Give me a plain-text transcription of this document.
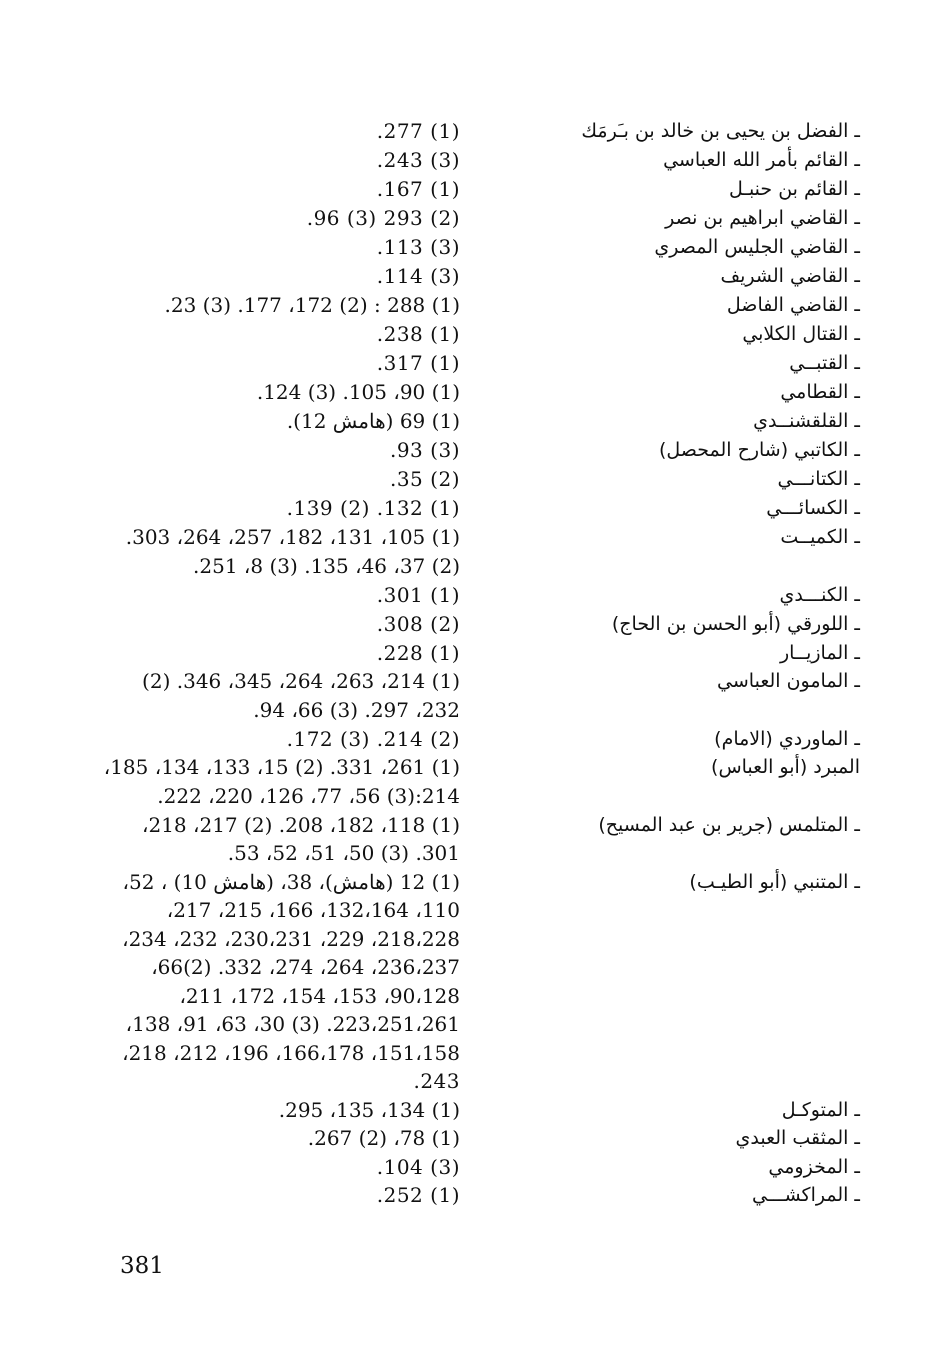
ـ الفضل بن يحيى بن خالد بن بـَرمَك
(1) 277.
ـ القائم بأمر الله العباسي
(3) 243.
ـ القائم بن حنبـل
(1) 167.
ـ القاضي ابراهيم بن نصر
(2) 293 (3) 96.
ـ القاضي الجليس المصري
(3) 113.
ـ القاضي الشريف
(3) 114.
ـ القاضي الفاضل
(1) 288 : (2) 172، 177. (3) 23.
ـ القتال الكلابي
(1) 238.
ـ القتبــي
(1) 317.
ـ القطامي
(1) 90، 105. (3) 124.
ـ القلقشنــدي
(1) 69 (هامش 12).
ـ الكاتبي (شارح المحصل)
(3) 93.
ـ الكتانـــي
(2) 35.
ـ الكسائـــي
(1) 132. (2) 139.
ـ الكميــت
(1) 105، 131، 182، 257، 264، 303.
(2) 37، 46، 135. (3) 8، 251.
ـ الكنـــدي
(1) 301.
ـ اللورقي (أبو الحسن بن الحاج)
(2) 308.
ـ المازيــار
(1) 228.
ـ المامون العباسي
(1) 214، 263، 264، 345، 346. (2)
232، 297. (3) 66، 94.
ـ الماوردي (الامام)
(2) 214. (3) 172.
المبرد (أبو العباس)
(1) 261، 331. (2) 15، 133، 134، 185،
214:(3) 56، 77، 126، 220، 222.
ـ المتلمس (جرير بن عبد المسيح)
(1) 118، 182، 208. (2) 217، 218،
301. (3) 50، 51، 52، 53.
ـ المتنبي (أبو الطيـب)
(1) 12 (هامش)، 38، (هامش 10) ، 52،
110، 132،164، 166، 215، 217،
218،228، 229، 230،231، 232، 234،
236،237، 264، 274، 332. (2)66،
90،128، 153، 154، 172، 211،
223،251،261. (3) 30، 63، 91، 138،
151،158، 166،178، 196، 212، 218،
243.
ـ المتوكـل
(1) 134، 135، 295.
ـ المثقب العبدي
(1) 78، (2) 267.
ـ المخزومي
(3) 104.
ـ المراكشـــي
(1) 252.
381
